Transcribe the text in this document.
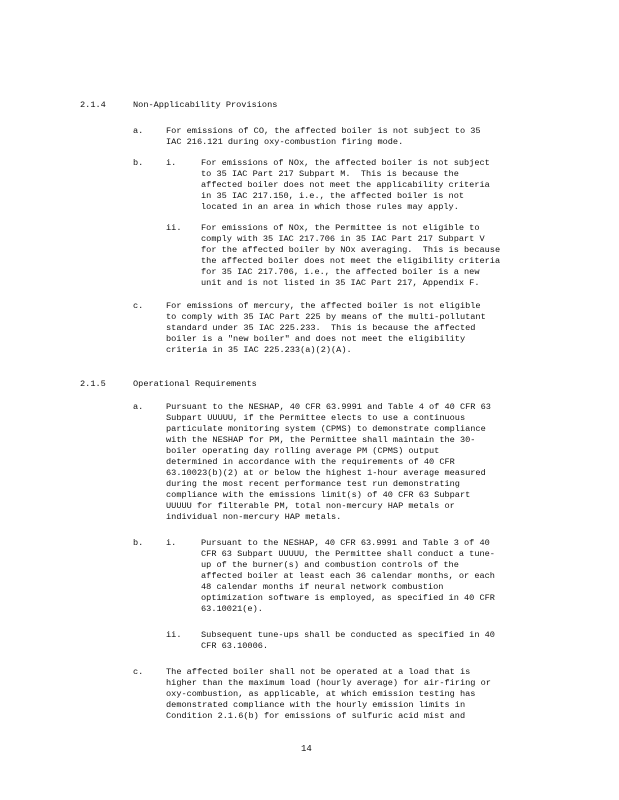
2.1.4	Non-Applicability Provisions
a.	For emissions of CO, the affected boiler is not subject to 35
IAC 216.121 during oxy-combustion firing mode.
b.	i.	For emissions of NOx, the affected boiler is not subject
to 35 IAC Part 217 Subpart M.  This is because the
affected boiler does not meet the applicability criteria
in 35 IAC 217.150, i.e., the affected boiler is not
located in an area in which those rules may apply.
ii. For emissions of NOx, the Permittee is not eligible to
comply with 35 IAC 217.706 in 35 IAC Part 217 Subpart V
for the affected boiler by NOx averaging.  This is because
the affected boiler does not meet the eligibility criteria
for 35 IAC 217.706, i.e., the affected boiler is a new
unit and is not listed in 35 IAC Part 217, Appendix F.
c.	For emissions of mercury, the affected boiler is not eligible
to comply with 35 IAC Part 225 by means of the multi-pollutant
standard under 35 IAC 225.233.  This is because the affected
boiler is a "new boiler" and does not meet the eligibility
criteria in 35 IAC 225.233(a)(2)(A).
2.1.5	Operational Requirements
a.	Pursuant to the NESHAP, 40 CFR 63.9991 and Table 4 of 40 CFR 63
Subpart UUUUU, if the Permittee elects to use a continuous
particulate monitoring system (CPMS) to demonstrate compliance
with the NESHAP for PM, the Permittee shall maintain the 30-
boiler operating day rolling average PM (CPMS) output
determined in accordance with the requirements of 40 CFR
63.10023(b)(2) at or below the highest 1-hour average measured
during the most recent performance test run demonstrating
compliance with the emissions limit(s) of 40 CFR 63 Subpart
UUUUU for filterable PM, total non-mercury HAP metals or
individual non-mercury HAP metals.
b.	i.	Pursuant to the NESHAP, 40 CFR 63.9991 and Table 3 of 40
CFR 63 Subpart UUUUU, the Permittee shall conduct a tune-
up of the burner(s) and combustion controls of the
affected boiler at least each 36 calendar months, or each
48 calendar months if neural network combustion
optimization software is employed, as specified in 40 CFR
63.10021(e).
ii. Subsequent tune-ups shall be conducted as specified in 40
CFR 63.10006.
c.	The affected boiler shall not be operated at a load that is
higher than the maximum load (hourly average) for air-firing or
oxy-combustion, as applicable, at which emission testing has
demonstrated compliance with the hourly emission limits in
Condition 2.1.6(b) for emissions of sulfuric acid mist and
14
